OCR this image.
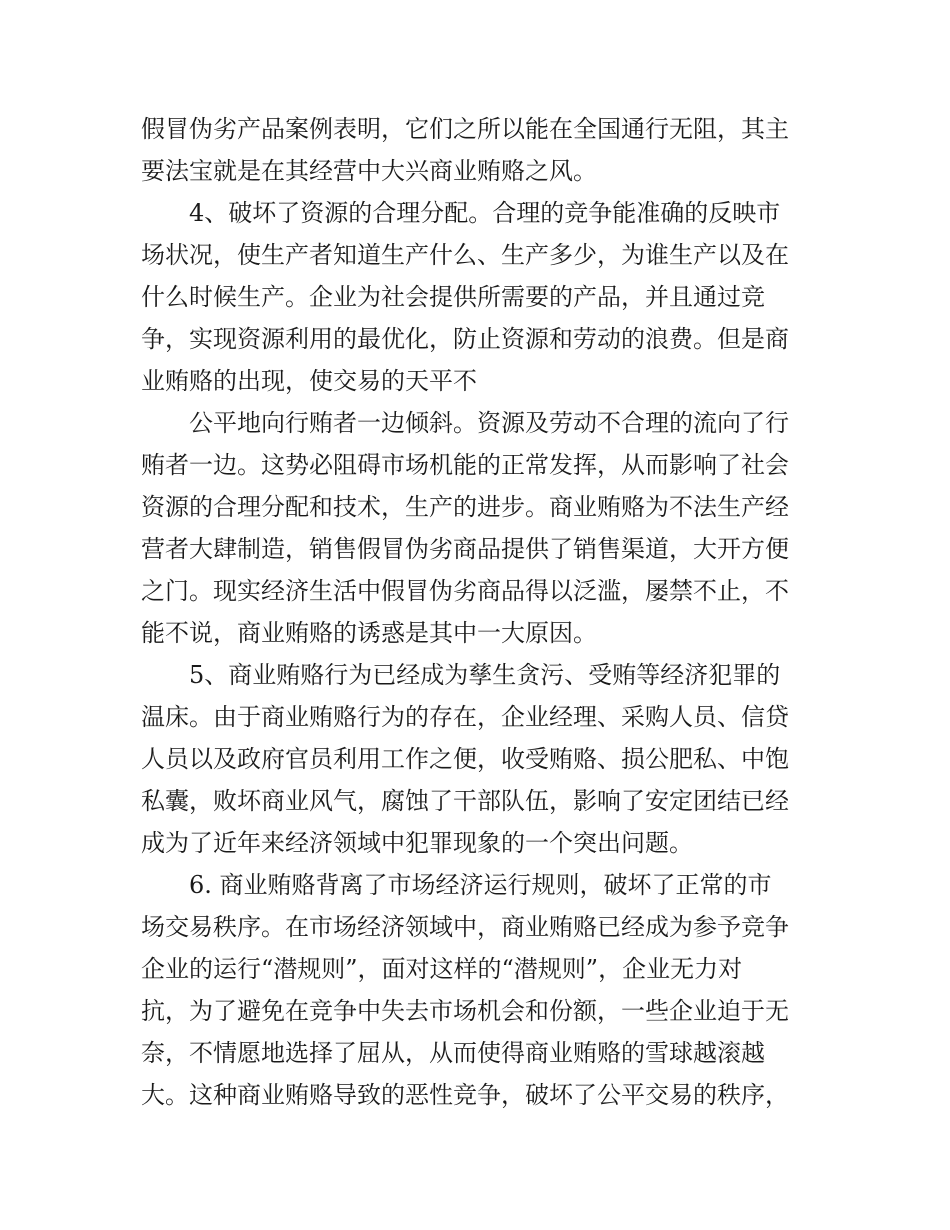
假冒伪劣产品案例表明，它们之所以能在全国通行无阻，其主
要法宝就是在其经营中大兴商业贿赂之风。
4、破坏了资源的合理分配。合理的竞争能准确的反映市
场状况，使生产者知道生产什么、生产多少，为谁生产以及在
什么时候生产。企业为社会提供所需要的产品，并且通过竞
争，实现资源利用的最优化，防止资源和劳动的浪费。但是商
业贿赂的出现，使交易的天平不
公平地向行贿者一边倾斜。资源及劳动不合理的流向了行
贿者一边。这势必阻碍市场机能的正常发挥，从而影响了社会
资源的合理分配和技术，生产的进步。商业贿赂为不法生产经
营者大肆制造，销售假冒伪劣商品提供了销售渠道，大开方便
之门。现实经济生活中假冒伪劣商品得以泛滥，屡禁不止，不
能不说，商业贿赂的诱惑是其中一大原因。
5、商业贿赂行为已经成为孳生贪污、受贿等经济犯罪的
温床。由于商业贿赂行为的存在，企业经理、采购人员、信贷
人员以及政府官员利用工作之便，收受贿赂、损公肥私、中饱
私囊，败坏商业风气，腐蚀了干部队伍，影响了安定团结已经
成为了近年来经济领域中犯罪现象的一个突出问题。
6. 商业贿赂背离了市场经济运行规则，破坏了正常的市
场交易秩序。在市场经济领域中，商业贿赂已经成为参予竞争
企业的运行“潜规则”，面对这样的“潜规则”，企业无力对
抗，为了避免在竞争中失去市场机会和份额，一些企业迫于无
奈，不情愿地选择了屈从，从而使得商业贿赂的雪球越滚越
大。这种商业贿赂导致的恶性竞争，破坏了公平交易的秩序，
